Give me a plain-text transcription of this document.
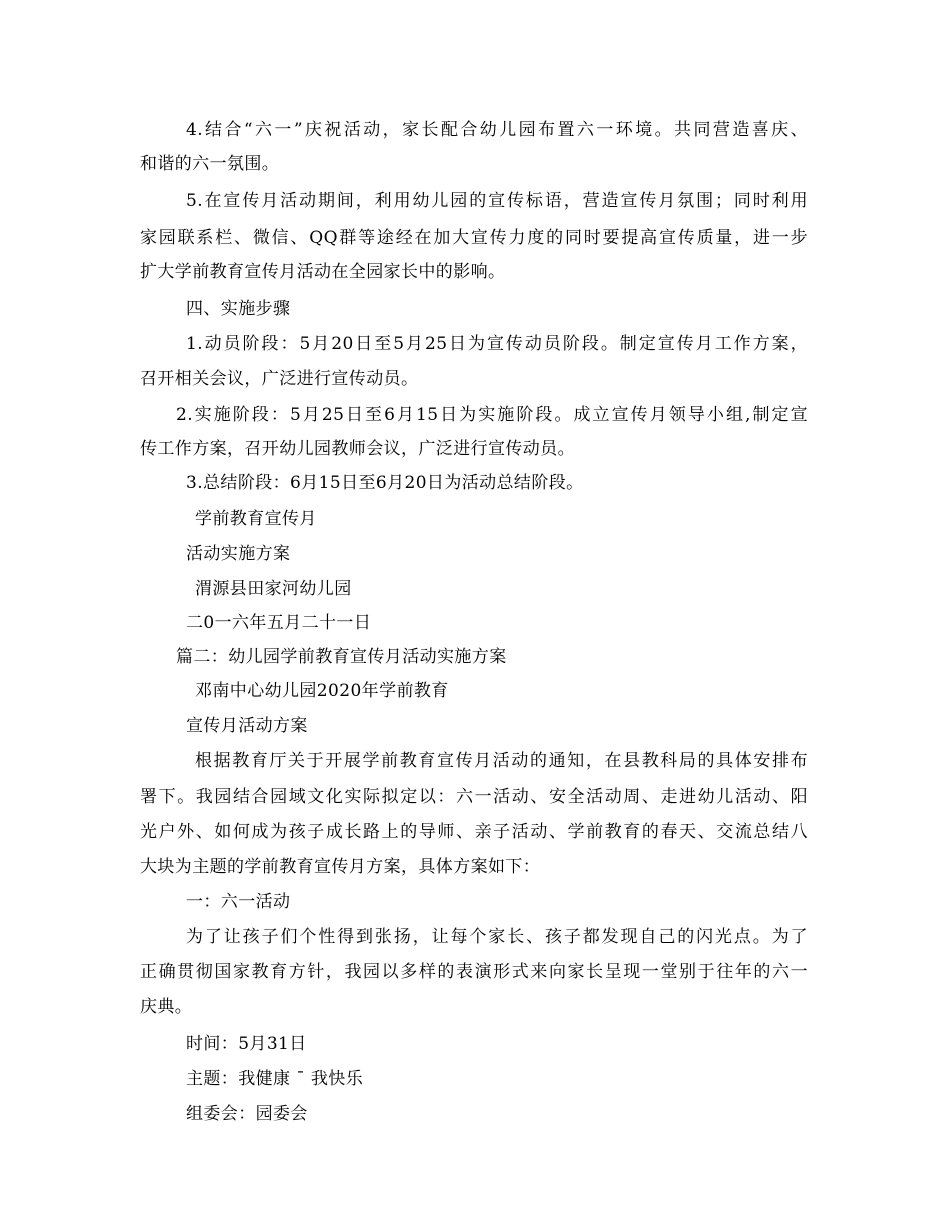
4.结合“六一”庆祝活动，家长配合幼儿园布置六一环境。共同营造喜庆、
和谐的六一氛围。
5.在宣传月活动期间，利用幼儿园的宣传标语，营造宣传月氛围；同时利用
家园联系栏、微信、QQ群等途经在加大宣传力度的同时要提高宣传质量，进一步
扩大学前教育宣传月活动在全园家长中的影响。
四、实施步骤
1.动员阶段：5月20日至5月25日为宣传动员阶段。制定宣传月工作方案，
召开相关会议，广泛进行宣传动员。
2.实施阶段：5月25日至6月15日为实施阶段。成立宣传月领导小组,制定宣
传工作方案，召开幼儿园教师会议，广泛进行宣传动员。
3.总结阶段：6月15日至6月20日为活动总结阶段。
学前教育宣传月
活动实施方案
渭源县田家河幼儿园
二0一六年五月二十一日
篇二：幼儿园学前教育宣传月活动实施方案
邓南中心幼儿园2020年学前教育
宣传月活动方案
根据教育厅关于开展学前教育宣传月活动的通知，在县教科局的具体安排布
署下。我园结合园域文化实际拟定以：六一活动、安全活动周、走进幼儿活动、阳
光户外、如何成为孩子成长路上的导师、亲子活动、学前教育的春天、交流总结八
大块为主题的学前教育宣传月方案，具体方案如下：
一：六一活动
为了让孩子们个性得到张扬，让每个家长、孩子都发现自己的闪光点。为了
正确贯彻国家教育方针，我园以多样的表演形式来向家长呈现一堂别于往年的六一
庆典。
时间：5月31日
主题：我健康 ¯ 我快乐
组委会：园委会
